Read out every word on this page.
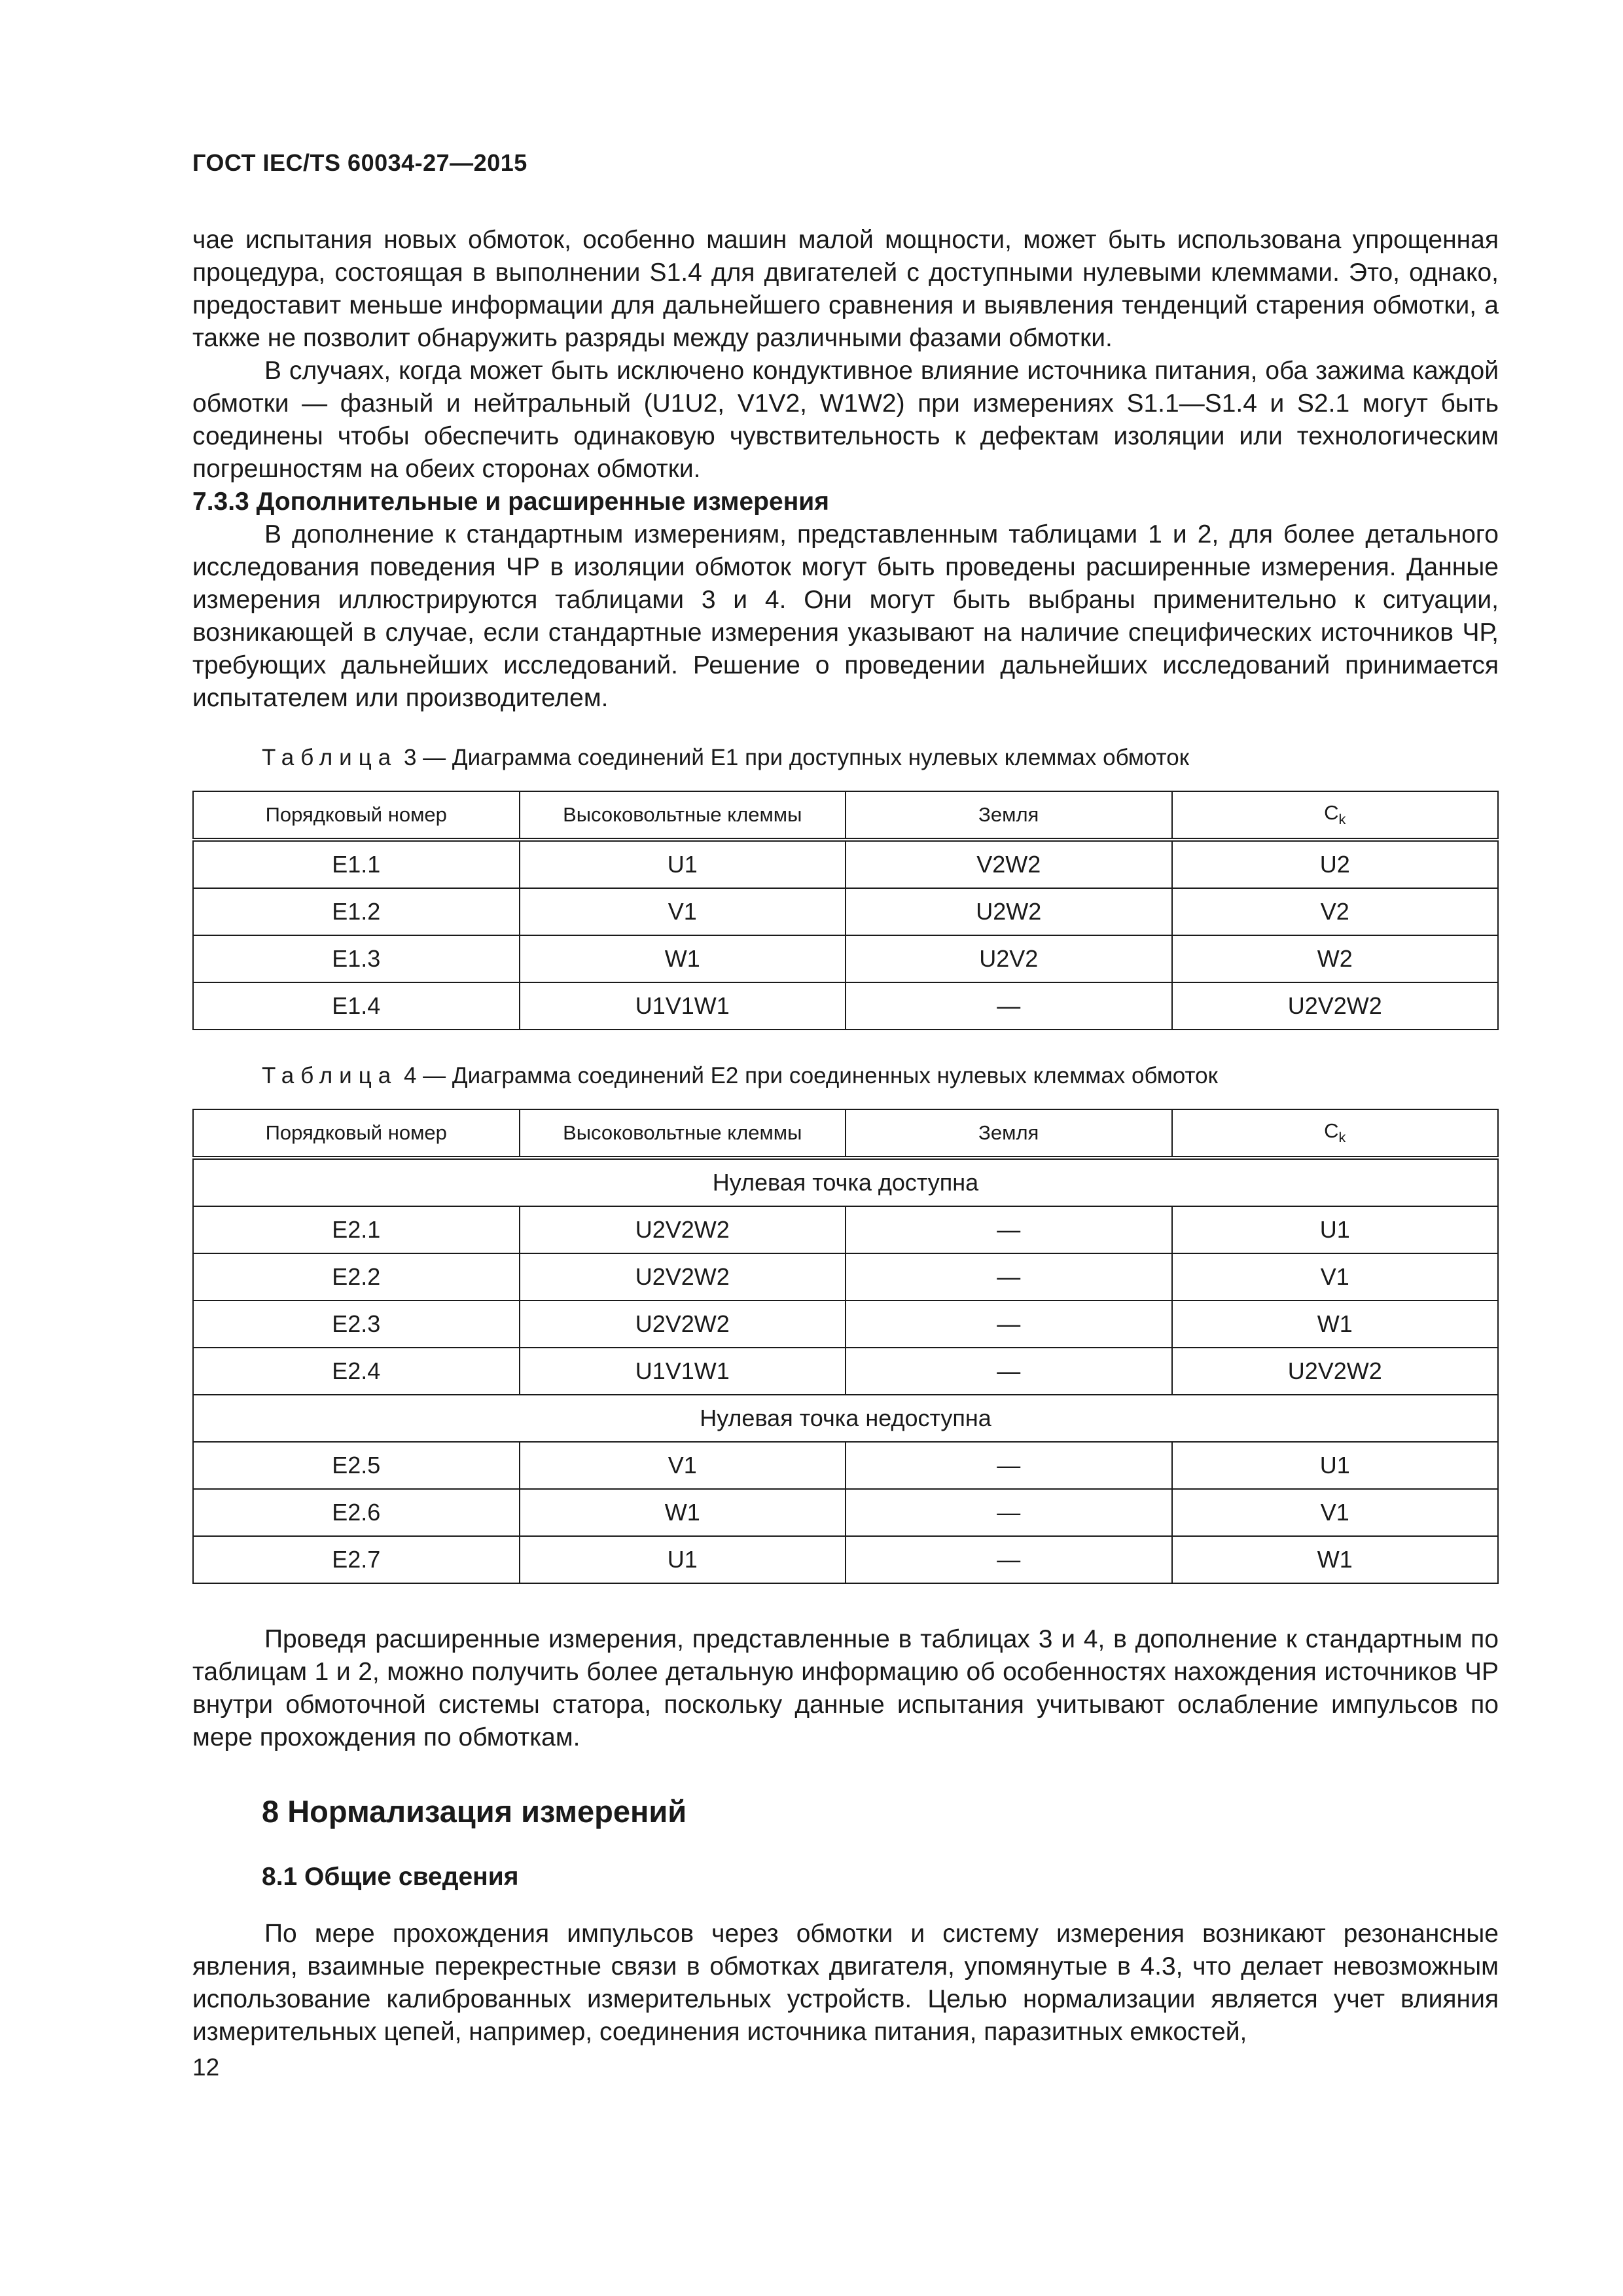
ГОСТ IEC/TS 60034-27—2015

чае испытания новых обмоток, особенно машин малой мощности, может быть использована упрощенная процедура, состоящая в выполнении S1.4 для двигателей с доступными нулевыми клеммами. Это, однако, предоставит меньше информации для дальнейшего сравнения и выявления тенденций старения обмотки, а также не позволит обнаружить разряды между различными фазами обмотки.

В случаях, когда может быть исключено кондуктивное влияние источника питания, оба зажима каждой обмотки — фазный и нейтральный (U1U2, V1V2, W1W2) при измерениях S1.1—S1.4 и S2.1 могут быть соединены чтобы обеспечить одинаковую чувствительность к дефектам изоляции или технологическим погрешностям на обеих сторонах обмотки.

7.3.3 Дополнительные и расширенные измерения

В дополнение к стандартным измерениям, представленным таблицами 1 и 2, для более детального исследования поведения ЧР в изоляции обмоток могут быть проведены расширенные измерения. Данные измерения иллюстрируются таблицами 3 и 4. Они могут быть выбраны применительно к ситуации, возникающей в случае, если стандартные измерения указывают на наличие специфических источников ЧР, требующих дальнейших исследований. Решение о проведении дальнейших исследований принимается испытателем или производителем.

Таблица 3 — Диаграмма соединений Е1 при доступных нулевых клеммах обмоток
Порядковый номер	Высоковольтные клеммы	Земля	$C_k$
E1.1	U1	V2W2	U2
E1.2	V1	U2W2	V2
E1.3	W1	U2V2	W2
E1.4	U1V1W1	—	U2V2W2
Таблица 4 — Диаграмма соединений Е2 при соединенных нулевых клеммах обмоток
Порядковый номер	Высоковольтные клеммы	Земля	$C_k$
Нулевая точка доступна			
E2.1	U2V2W2	—	U1
E2.2	U2V2W2	—	V1
E2.3	U2V2W2	—	W1
E2.4	U1V1W1	—	U2V2W2
Нулевая точка недоступна			
E2.5	V1	—	U1
E2.6	W1	—	V1
E2.7	U1	—	W1

Проведя расширенные измерения, представленные в таблицах 3 и 4, в дополнение к стандартным по таблицам 1 и 2, можно получить более детальную информацию об особенностях нахождения источников ЧР внутри обмоточной системы статора, поскольку данные испытания учитывают ослабление импульсов по мере прохождения по обмоткам.

8 Нормализация измерений
8.1 Общие сведения

По мере прохождения импульсов через обмотки и систему измерения возникают резонансные явления, взаимные перекрестные связи в обмотках двигателя, упомянутые в 4.3, что делает невозможным использование калиброванных измерительных устройств. Целью нормализации является учет влияния измерительных цепей, например, соединения источника питания, паразитных емкостей,

12
